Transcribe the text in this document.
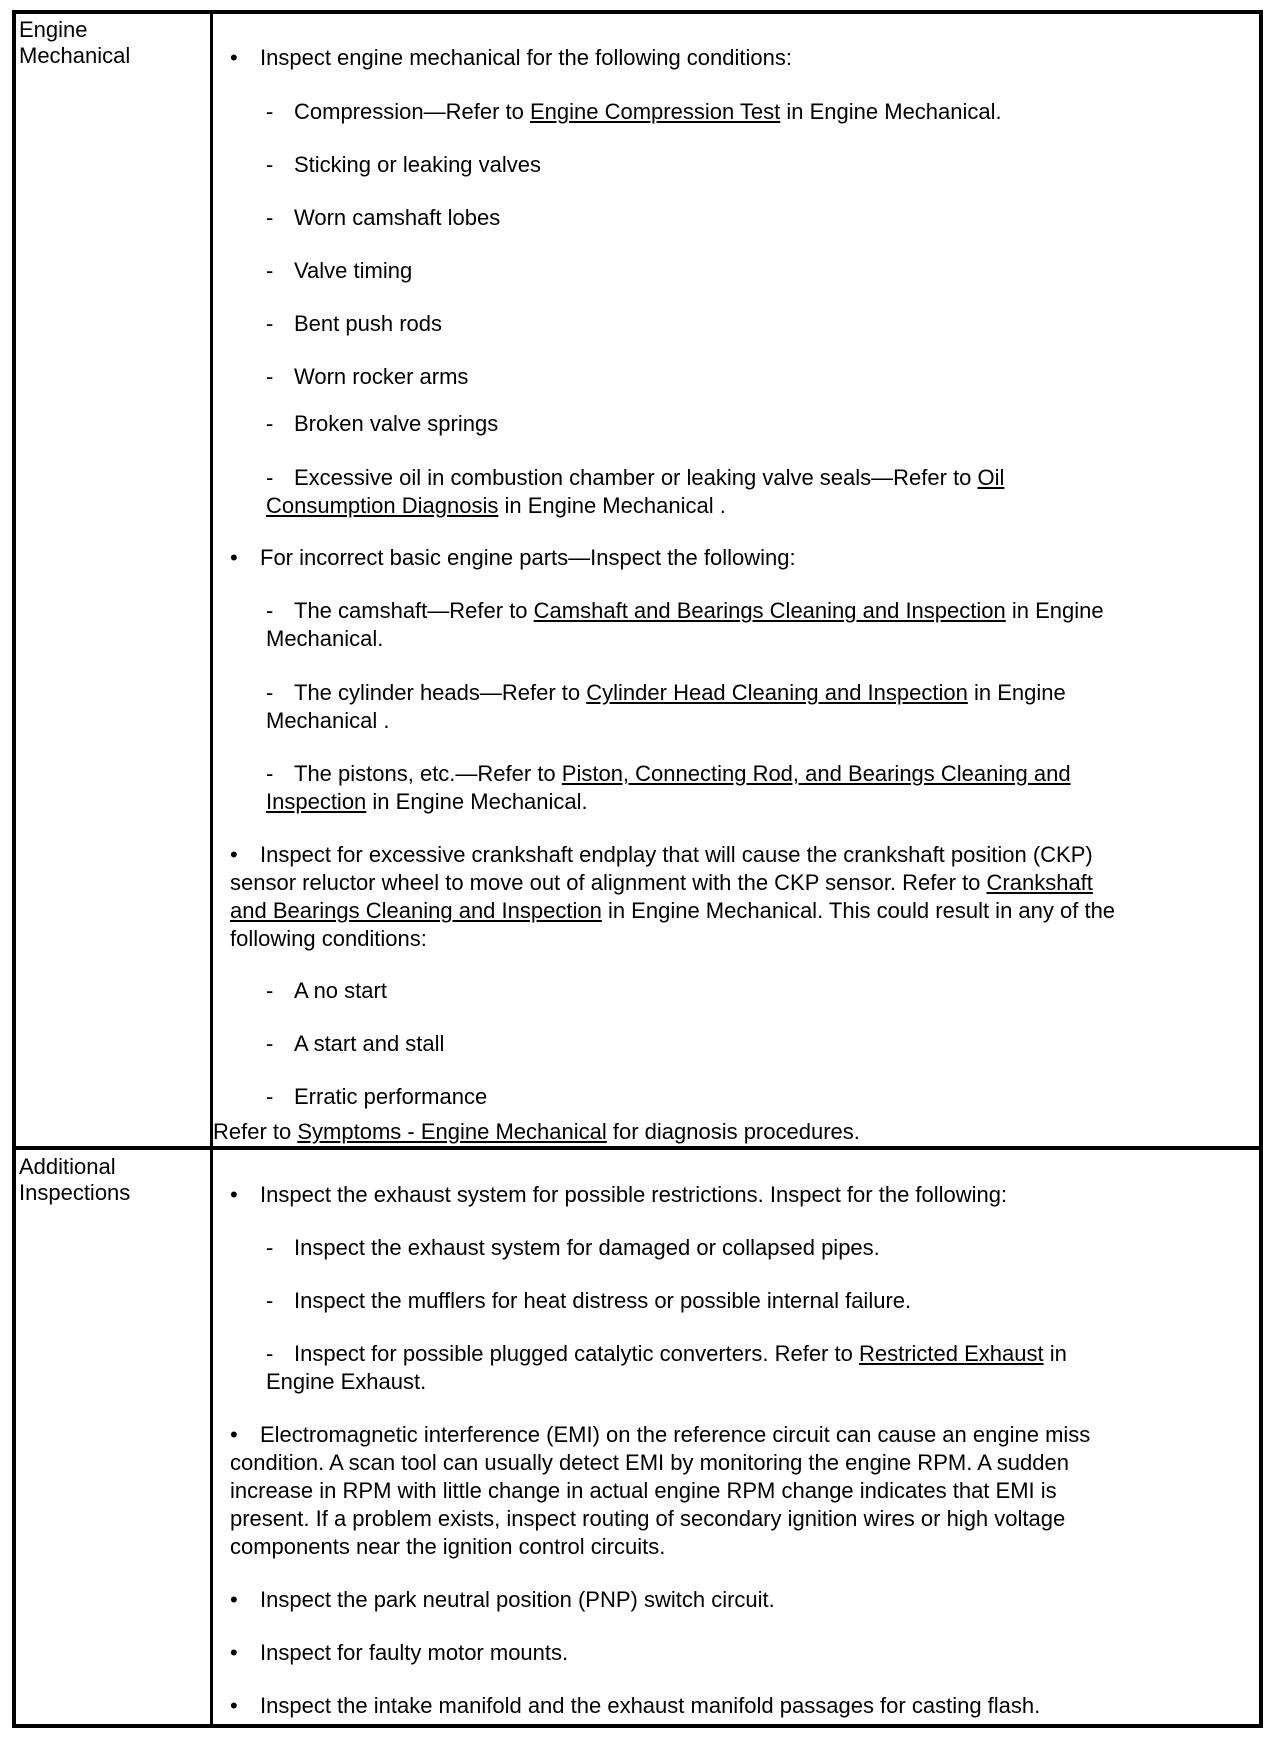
Engine
Mechanical
Additional
Inspections
• Inspect engine mechanical for the following conditions:
- Compression—Refer to Engine Compression Test in Engine Mechanical.
- Sticking or leaking valves
- Worn camshaft lobes
- Valve timing
- Bent push rods
- Worn rocker arms
- Broken valve springs
- Excessive oil in combustion chamber or leaking valve seals—Refer to Oil
Consumption Diagnosis in Engine Mechanical .
• For incorrect basic engine parts—Inspect the following:
- The camshaft—Refer to Camshaft and Bearings Cleaning and Inspection in Engine
Mechanical.
- The cylinder heads—Refer to Cylinder Head Cleaning and Inspection in Engine
Mechanical .
- The pistons, etc.—Refer to Piston, Connecting Rod, and Bearings Cleaning and
Inspection in Engine Mechanical.
• Inspect for excessive crankshaft endplay that will cause the crankshaft position (CKP)
sensor reluctor wheel to move out of alignment with the CKP sensor. Refer to Crankshaft
and Bearings Cleaning and Inspection in Engine Mechanical. This could result in any of the
following conditions:
- A no start
- A start and stall
- Erratic performance
Refer to Symptoms - Engine Mechanical for diagnosis procedures.
• Inspect the exhaust system for possible restrictions. Inspect for the following:
- Inspect the exhaust system for damaged or collapsed pipes.
- Inspect the mufflers for heat distress or possible internal failure.
- Inspect for possible plugged catalytic converters. Refer to Restricted Exhaust in
Engine Exhaust.
• Electromagnetic interference (EMI) on the reference circuit can cause an engine miss
condition. A scan tool can usually detect EMI by monitoring the engine RPM. A sudden
increase in RPM with little change in actual engine RPM change indicates that EMI is
present. If a problem exists, inspect routing of secondary ignition wires or high voltage
components near the ignition control circuits.
• Inspect the park neutral position (PNP) switch circuit.
• Inspect for faulty motor mounts.
• Inspect the intake manifold and the exhaust manifold passages for casting flash.
